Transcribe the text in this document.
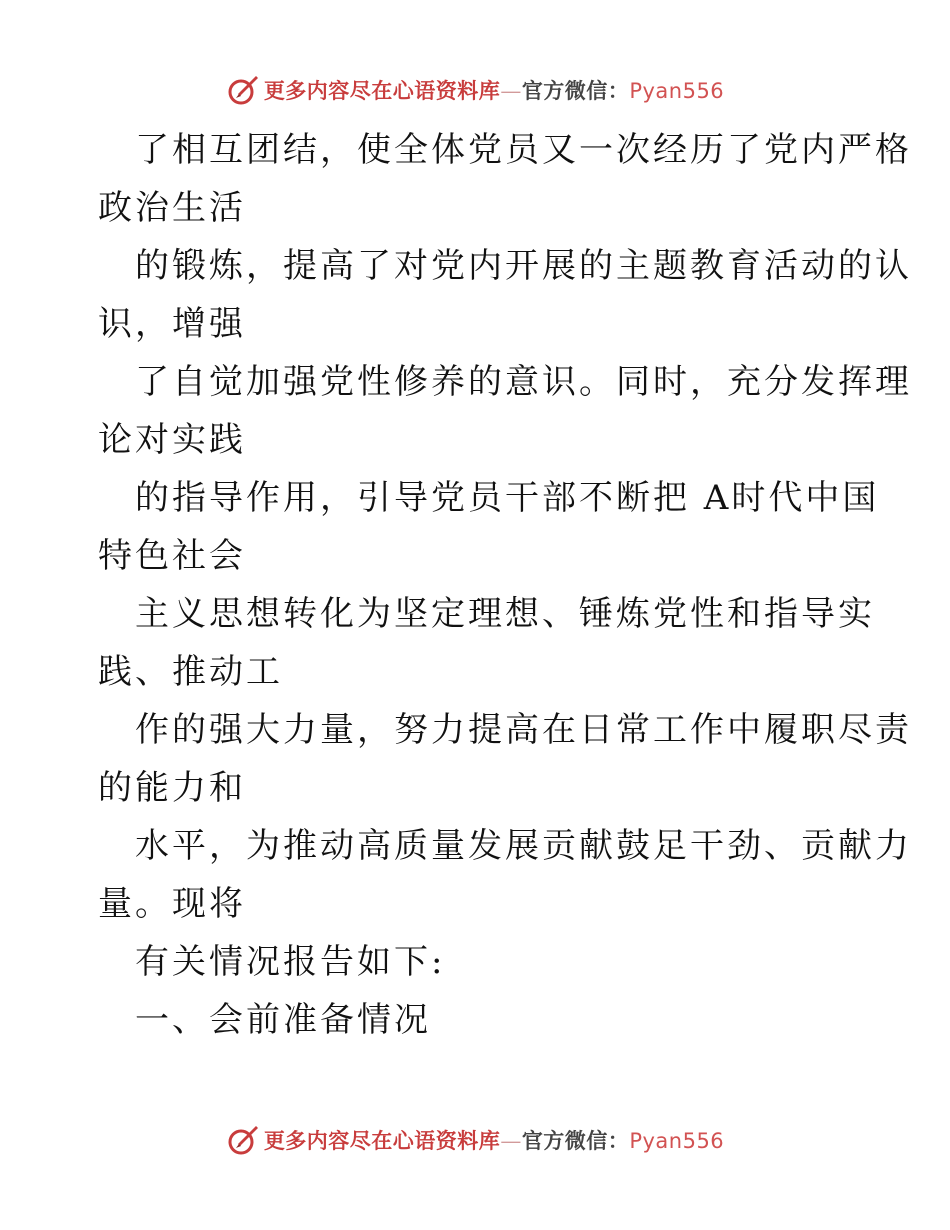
更多内容尽在心语资料库—官方微信：Pyan556
了相互团结，使全体党员又一次经历了党内严格
政治生活
的锻炼，提高了对党内开展的主题教育活动的认
识，增强
了自觉加强党性修养的意识。同时，充分发挥理
论对实践
的指导作用，引导党员干部不断把 A时代中国
特色社会
主义思想转化为坚定理想、锤炼党性和指导实
践、推动工
作的强大力量，努力提高在日常工作中履职尽责
的能力和
水平，为推动高质量发展贡献鼓足干劲、贡献力
量。现将
有关情况报告如下:
一、会前准备情况
更多内容尽在心语资料库—官方微信：Pyan556
